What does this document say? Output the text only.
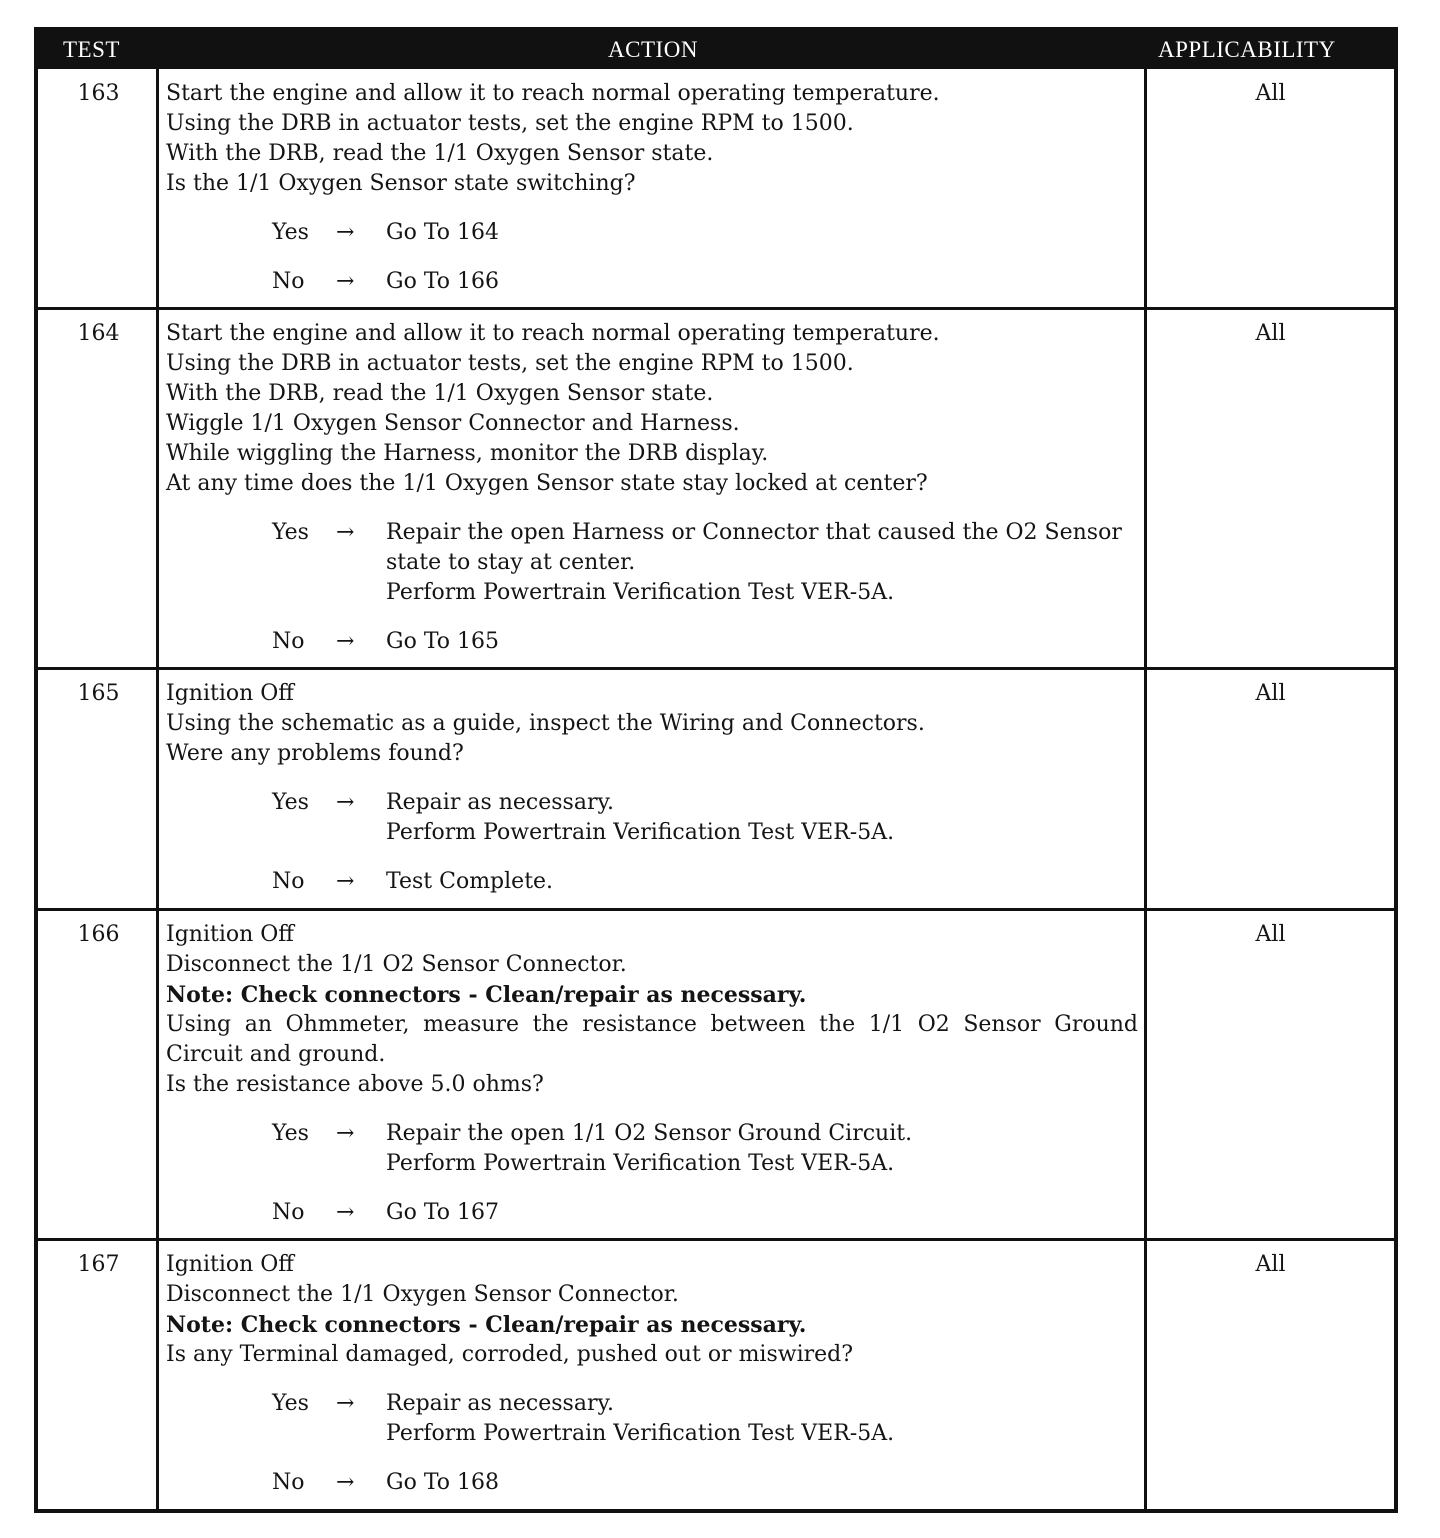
TEST	ACTION	APPLICABILITY
163	Start the engine and allow it to reach normal operating temperature.
Using the DRB in actuator tests, set the engine RPM to 1500.
With the DRB, read the 1/1 Oxygen Sensor state.
Is the 1/1 Oxygen Sensor state switching?
Yes → Go To 164
No → Go To 166
All
164	Start the engine and allow it to reach normal operating temperature.
Using the DRB in actuator tests, set the engine RPM to 1500.
With the DRB, read the 1/1 Oxygen Sensor state.
Wiggle 1/1 Oxygen Sensor Connector and Harness.
While wiggling the Harness, monitor the DRB display.
At any time does the 1/1 Oxygen Sensor state stay locked at center?
Yes → Repair the open Harness or Connector that caused the O2 Sensor
state to stay at center.
Perform Powertrain Verification Test VER-5A.
No → Go To 165
All
165	Ignition Off
Using the schematic as a guide, inspect the Wiring and Connectors.
Were any problems found?
Yes → Repair as necessary.
Perform Powertrain Verification Test VER-5A.
No → Test Complete.
All
166	Ignition Off
Disconnect the 1/1 O2 Sensor Connector.
Note: Check connectors - Clean/repair as necessary.
Using an Ohmmeter, measure the resistance between the 1/1 O2 Sensor Ground Circuit and ground.
Is the resistance above 5.0 ohms?
Yes → Repair the open 1/1 O2 Sensor Ground Circuit.
Perform Powertrain Verification Test VER-5A.
No → Go To 167
All
167	Ignition Off
Disconnect the 1/1 Oxygen Sensor Connector.
Note: Check connectors - Clean/repair as necessary.
Is any Terminal damaged, corroded, pushed out or miswired?
Yes → Repair as necessary.
Perform Powertrain Verification Test VER-5A.
No → Go To 168
All
